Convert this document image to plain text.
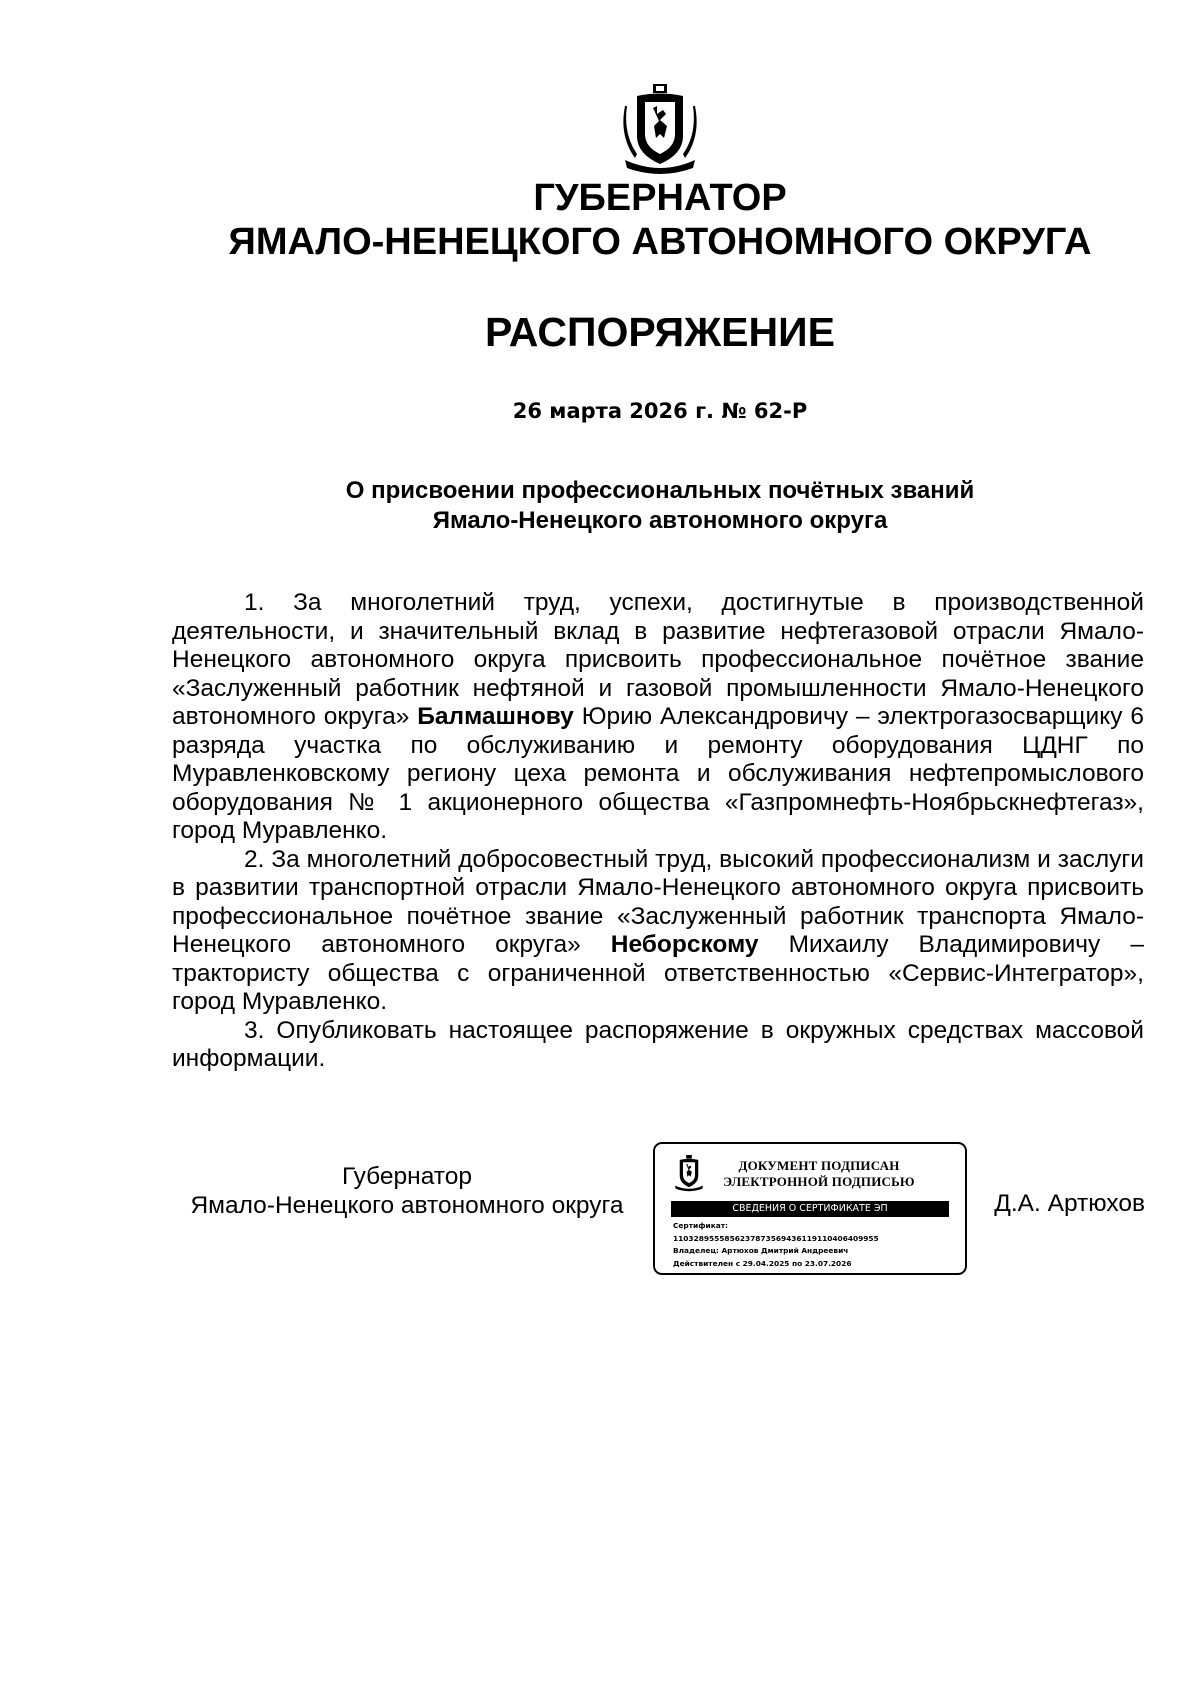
ГУБЕРНАТОР
ЯМАЛО-НЕНЕЦКОГО АВТОНОМНОГО ОКРУГА
РАСПОРЯЖЕНИЕ
26 марта 2026 г. № 62-Р
О присвоении профессиональных почётных званий
Ямало-Ненецкого автономного округа

1. За многолетний труд, успехи, достигнутые в производственной деятельности, и значительный вклад в развитие нефтегазовой отрасли Ямало-Ненецкого автономного округа присвоить профессиональное почётное звание «Заслуженный работник нефтяной и газовой промышленности Ямало-Ненецкого автономного округа» Балмашнову Юрию Александровичу – электрогазосварщику 6 разряда участка по обслуживанию и ремонту оборудования ЦДНГ по Муравленковскому региону цеха ремонта и обслуживания нефтепромыслового оборудования № 1 акционерного общества «Газпромнефть-Ноябрьскнефтегаз», город Муравленко.

2. За многолетний добросовестный труд, высокий профессионализм и заслуги в развитии транспортной отрасли Ямало-Ненецкого автономного округа присвоить профессиональное почётное звание «Заслуженный работник транспорта Ямало-Ненецкого автономного округа» Неборскому Михаилу Владимировичу – трактористу общества с ограниченной ответственностью «Сервис-Интегратор», город Муравленко.

3. Опубликовать настоящее распоряжение в окружных средствах массовой информации.

Губернатор
Ямало-Ненецкого автономного округа
ДОКУМЕНТ ПОДПИСАН
ЭЛЕКТРОННОЙ ПОДПИСЬЮ
СВЕДЕНИЯ О СЕРТИФИКАТЕ ЭП
Сертификат:
1103289555856237873569436119110406409955
Владелец: Артюхов Дмитрий Андреевич
Действителен с 29.04.2025 по 23.07.2026
Д.А. Артюхов
